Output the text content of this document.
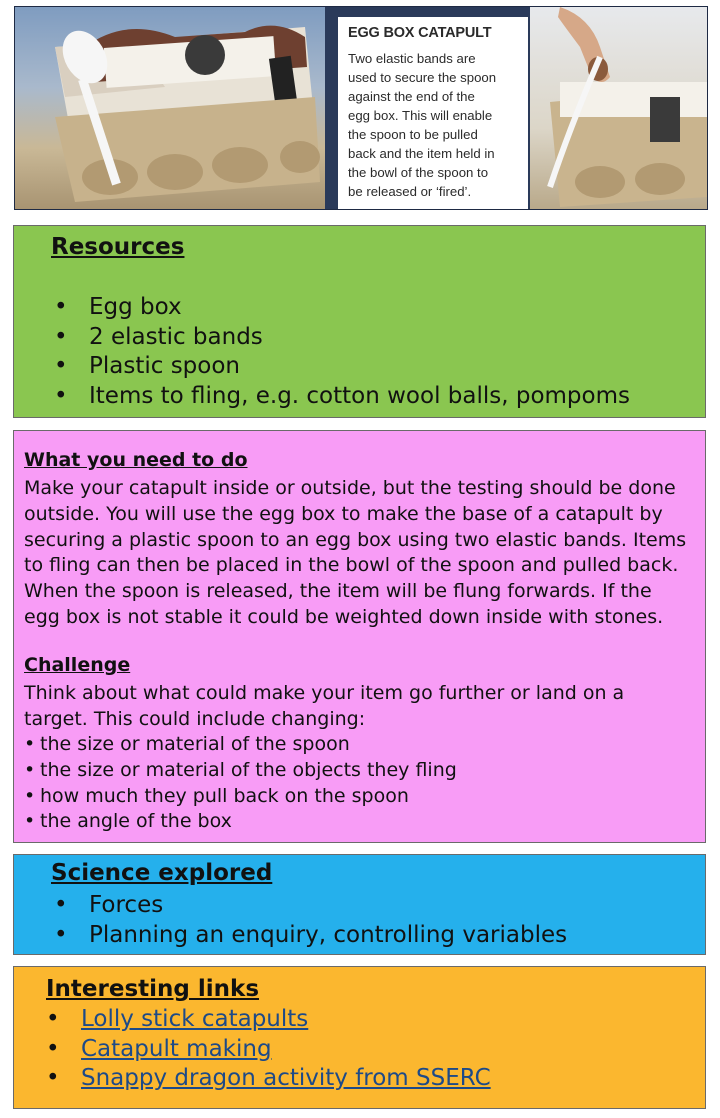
EGG BOX CATAPULT
Two elastic bands are
used to secure the spoon
against the end of the
egg box. This will enable
the spoon to be pulled
back and the item held in
the bowl of the spoon to
be released or ‘fired’.
Resources
• Egg box
• 2 elastic bands
• Plastic spoon
• Items to fling, e.g. cotton wool balls, pompoms
What you need to do
Make your catapult inside or outside, but the testing should be done
outside. You will use the egg box to make the base of a catapult by
securing a plastic spoon to an egg box using two elastic bands. Items
to fling can then be placed in the bowl of the spoon and pulled back.
When the spoon is released, the item will be flung forwards. If the
egg box is not stable it could be weighted down inside with stones.
Challenge
Think about what could make your item go further or land on a
target. This could include changing:
• the size or material of the spoon
• the size or material of the objects they fling
• how much they pull back on the spoon
• the angle of the box
Science explored
• Forces
• Planning an enquiry, controlling variables
Interesting links
• Lolly stick catapults
• Catapult making
• Snappy dragon activity from SSERC
